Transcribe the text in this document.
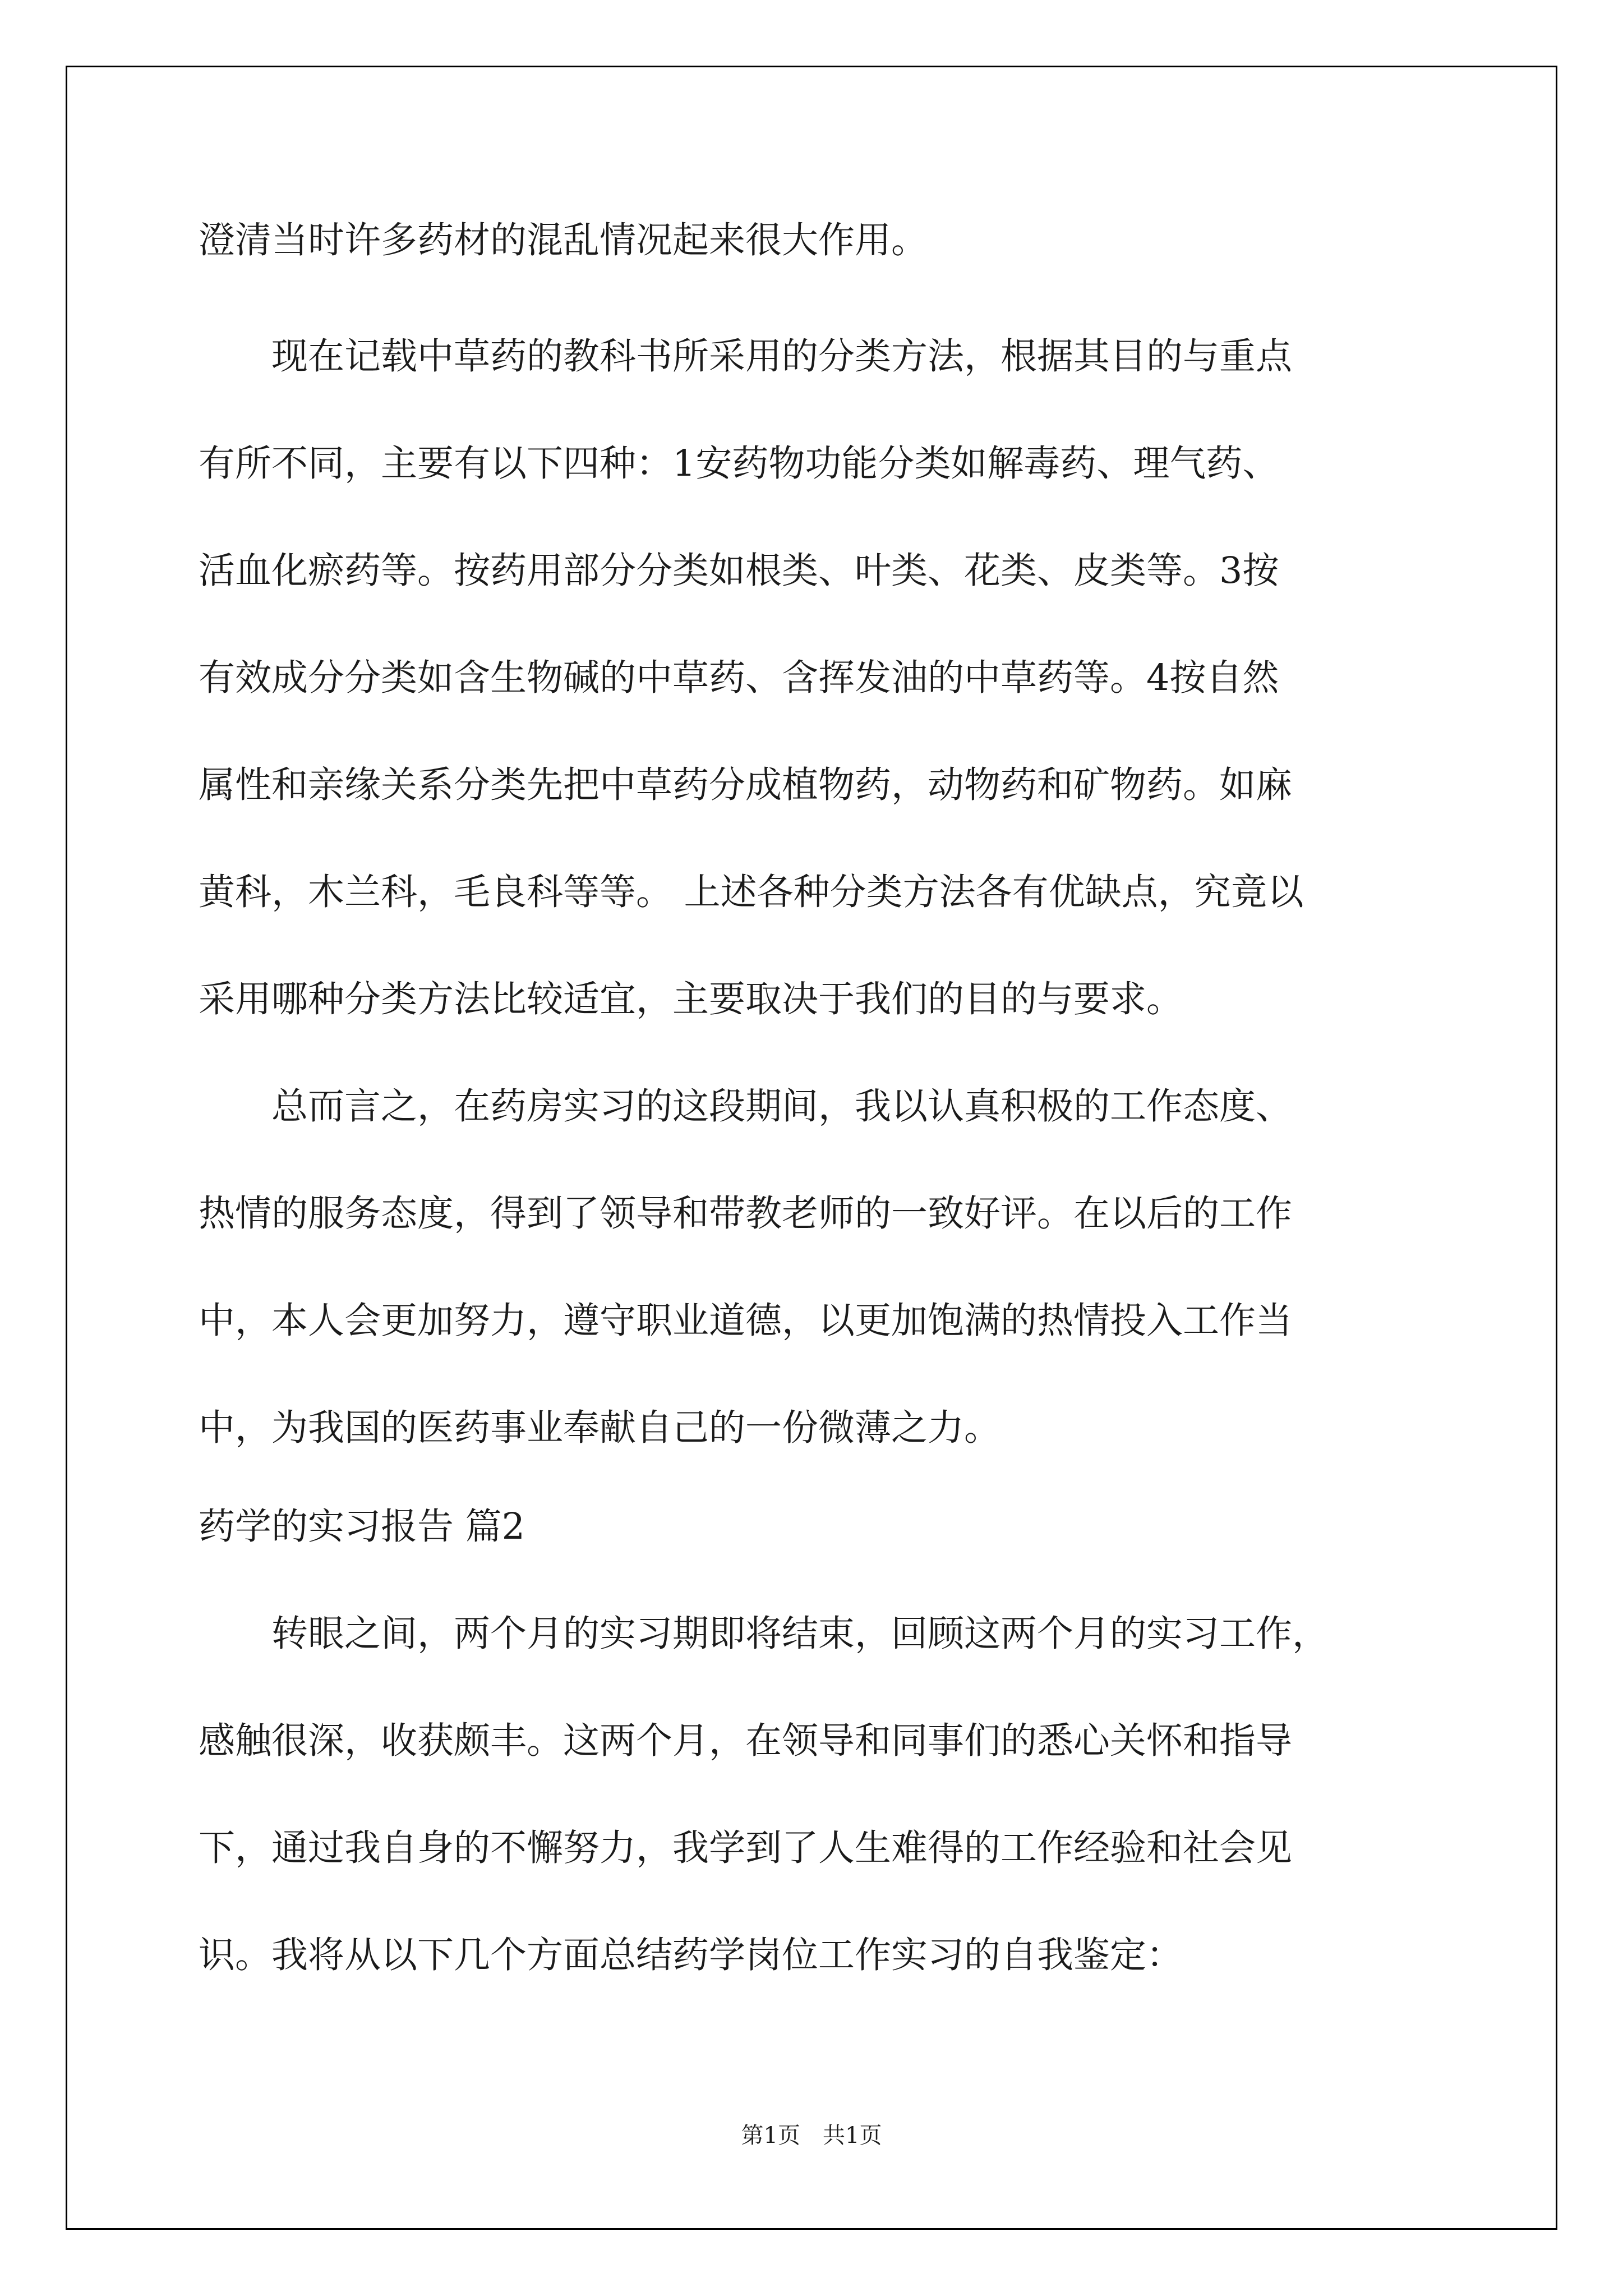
澄清当时许多药材的混乱情况起来很大作用。

　　现在记载中草药的教科书所采用的分类方法，根据其目的与重点

有所不同，主要有以下四种：1安药物功能分类如解毒药、理气药、

活血化瘀药等。按药用部分分类如根类、叶类、花类、皮类等。3按

有效成分分类如含生物碱的中草药、含挥发油的中草药等。4按自然

属性和亲缘关系分类先把中草药分成植物药，动物药和矿物药。如麻

黄科，木兰科，毛良科等等。 上述各种分类方法各有优缺点，究竟以

采用哪种分类方法比较适宜，主要取决于我们的目的与要求。

　　总而言之，在药房实习的这段期间，我以认真积极的工作态度、

热情的服务态度，得到了领导和带教老师的一致好评。在以后的工作

中，本人会更加努力，遵守职业道德，以更加饱满的热情投入工作当

中，为我国的医药事业奉献自己的一份微薄之力。

药学的实习报告 篇2

　　转眼之间，两个月的实习期即将结束，回顾这两个月的实习工作，

感触很深，收获颇丰。这两个月，在领导和同事们的悉心关怀和指导

下，通过我自身的不懈努力，我学到了人生难得的工作经验和社会见

识。我将从以下几个方面总结药学岗位工作实习的自我鉴定：

第1页　共1页
